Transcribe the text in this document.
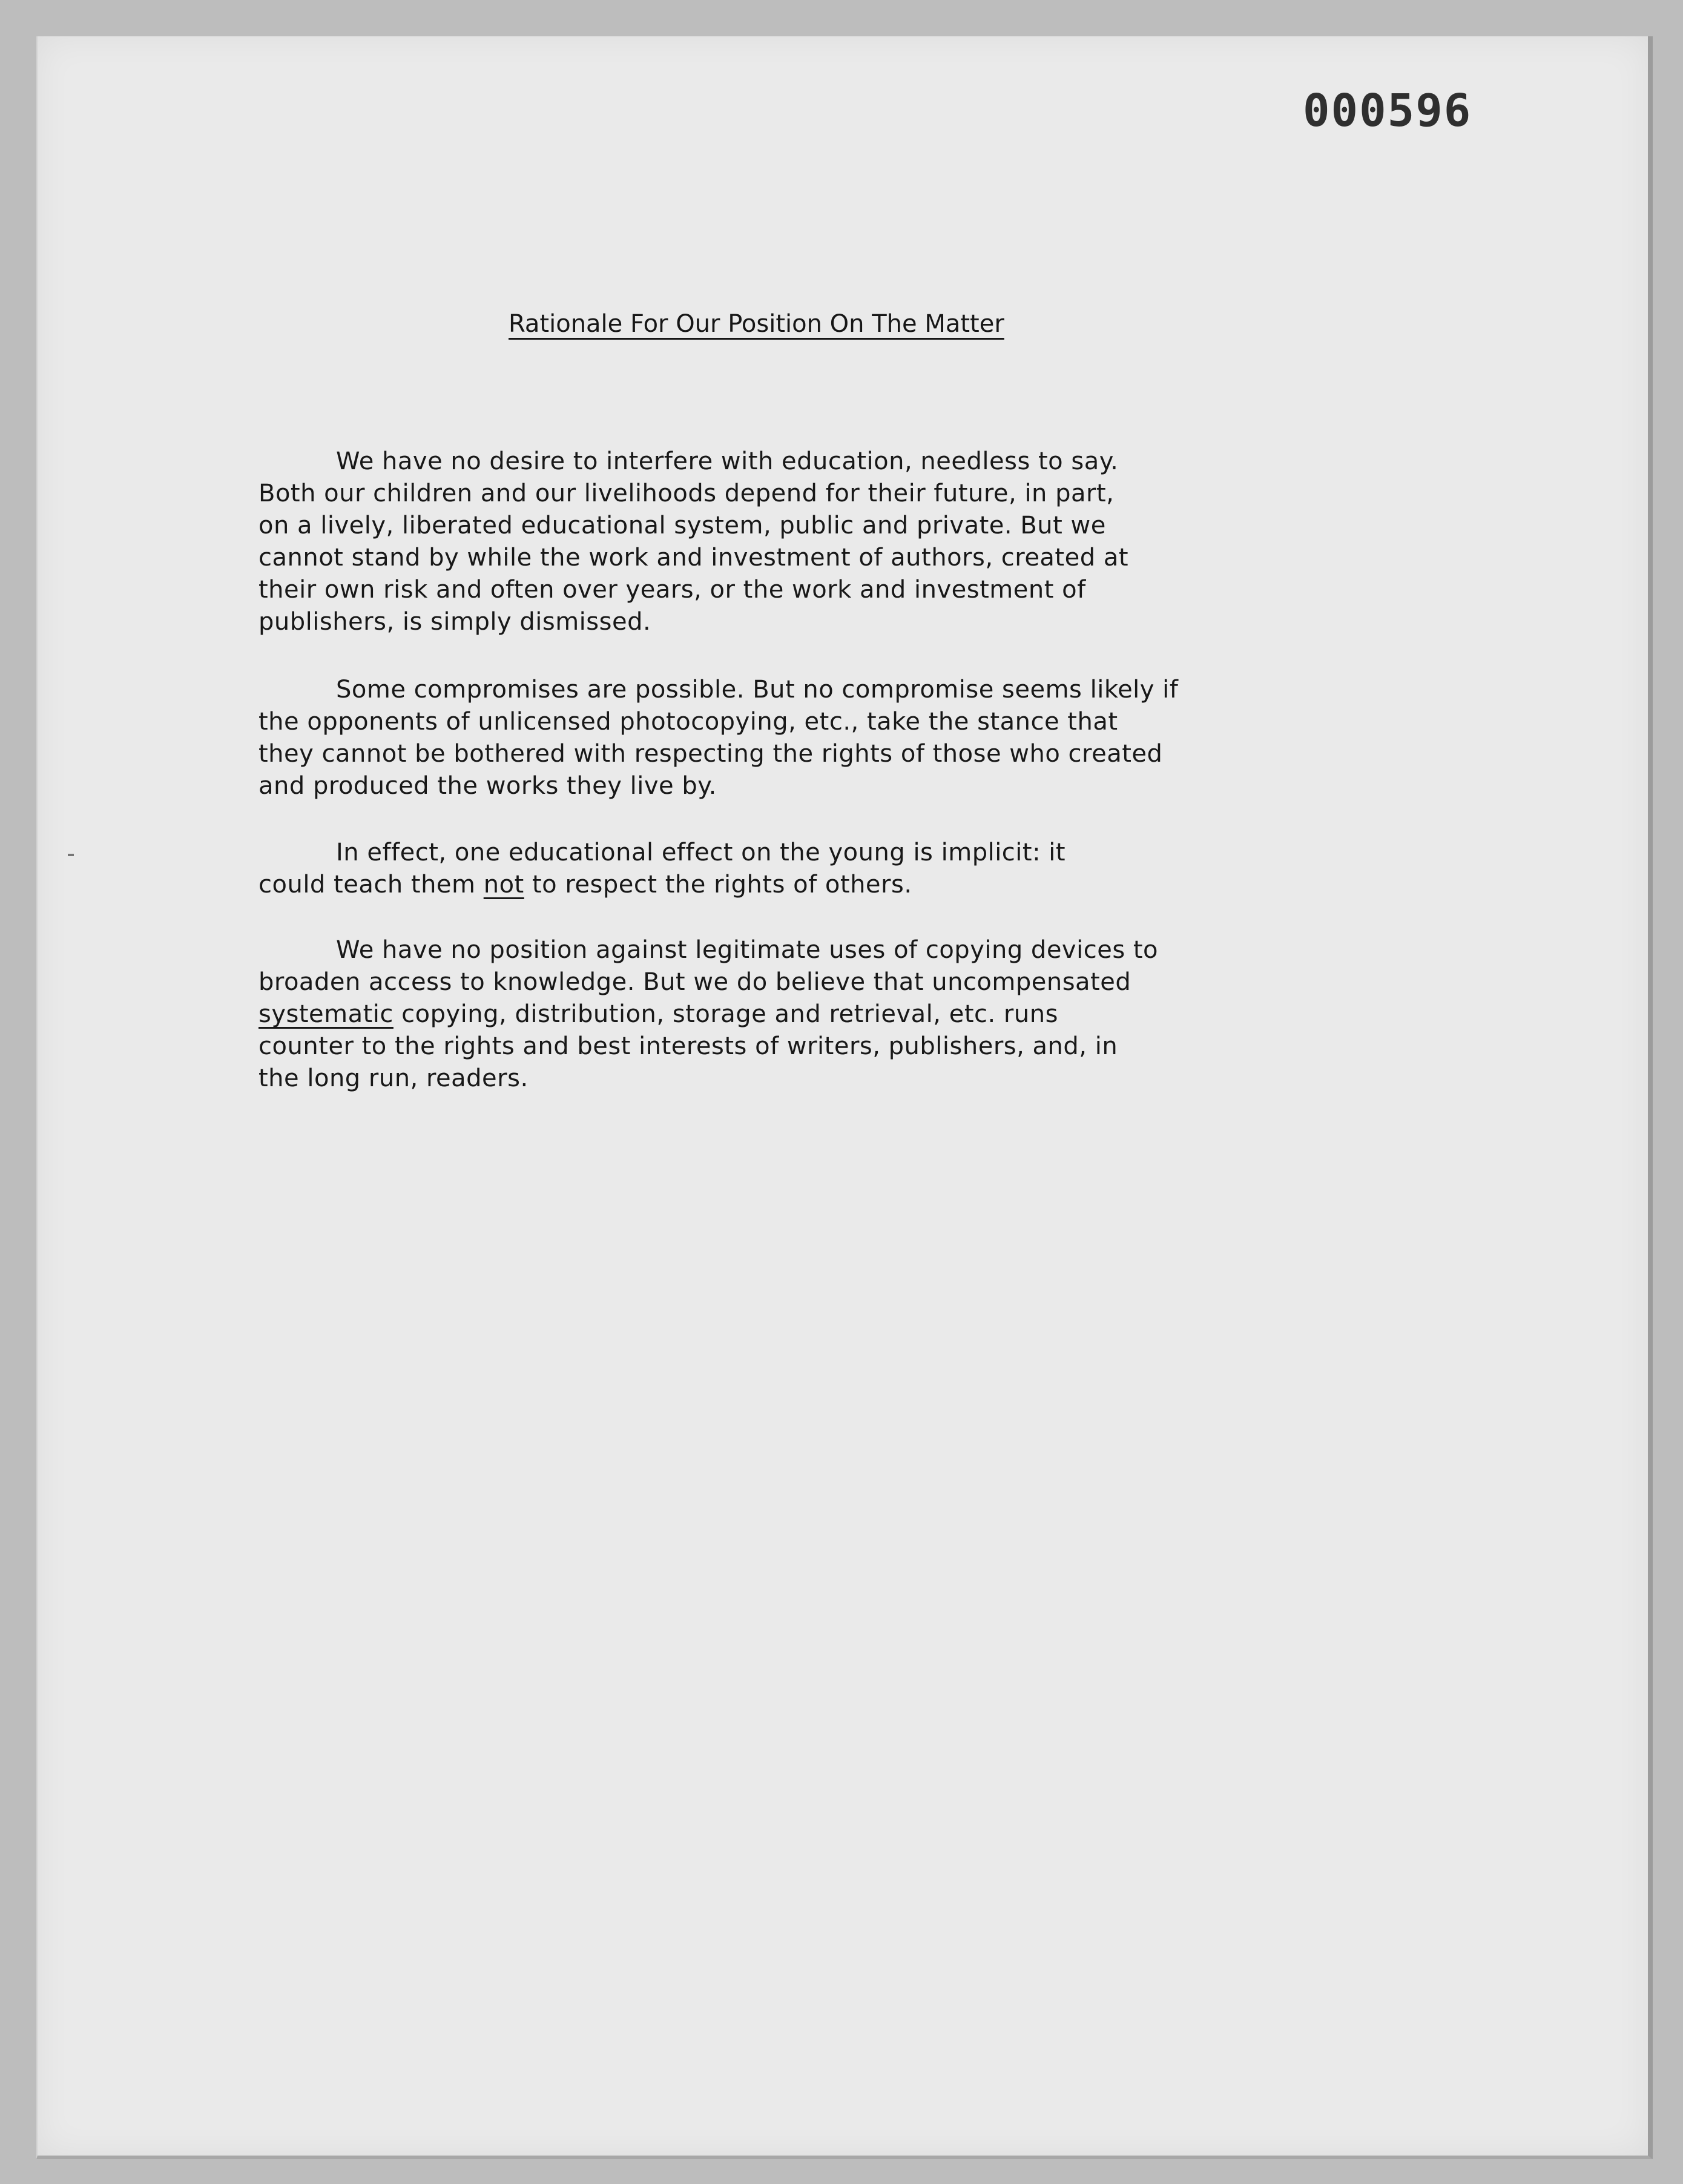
000596
Rationale For Our Position On The Matter
We have no desire to interfere with education, needless to say.
Both our children and our livelihoods depend for their future, in part,
on a lively, liberated educational system, public and private. But we
cannot stand by while the work and investment of authors, created at
their own risk and often over years, or the work and investment of
publishers, is simply dismissed.
Some compromises are possible. But no compromise seems likely if
the opponents of unlicensed photocopying, etc., take the stance that
they cannot be bothered with respecting the rights of those who created
and produced the works they live by.
In effect, one educational effect on the young is implicit: it
could teach them not to respect the rights of others.
We have no position against legitimate uses of copying devices to
broaden access to knowledge. But we do believe that uncompensated
systematic copying, distribution, storage and retrieval, etc. runs
counter to the rights and best interests of writers, publishers, and, in
the long run, readers.
